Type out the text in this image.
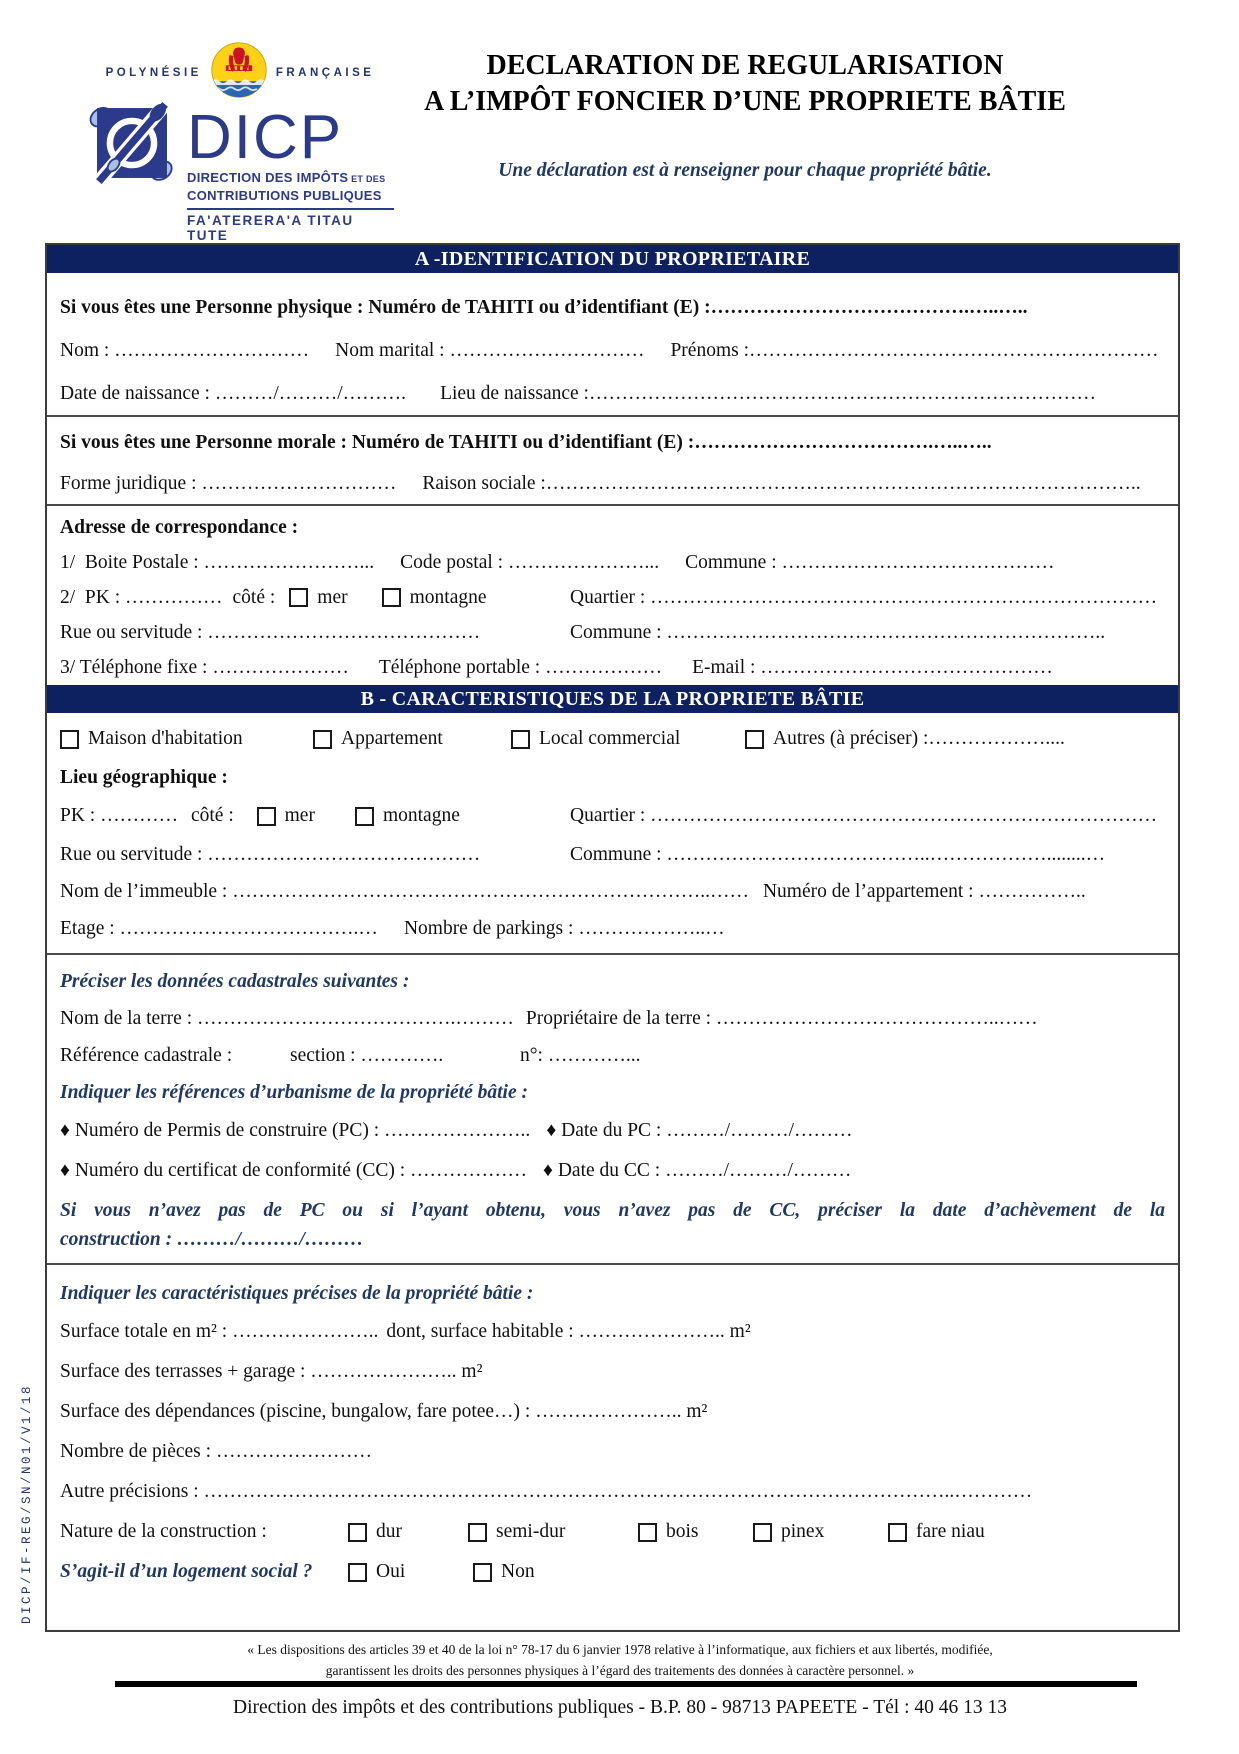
POLYNÉSIE	FRANÇAISE
DICP
DIRECTION DES IMPÔTS ET DES
CONTRIBUTIONS PUBLIQUES
FA'ATERERA'A TITAU TUTE
DECLARATION DE REGULARISATION
A L’IMPÔT FONCIER D’UNE PROPRIETE BÂTIE
Une déclaration est à renseigner pour chaque propriété bâtie.
A -IDENTIFICATION DU PROPRIETAIRE
Si vous êtes une Personne physique : Numéro de TAHITI ou d’identifiant (E) :………………………………….…..…..
Nom : ………………………… Nom marital : ………………………… Prénoms :………………………………………………………
Date de naissance : ………/………/………. Lieu de naissance :……………………………………………………………………
Si vous êtes une Personne morale : Numéro de TAHITI ou d’identifiant (E) :……………………………….…..…..
Forme juridique : ………………………… Raison sociale :………………………………………………………………………………..
Adresse de correspondance :
1/  Boite Postale : ……………………... Code postal : …………………... Commune : ……………………………………
2/  PK : …………… côté : mer	montagne	Quartier : ……………………………………………………………………
Rue ou servitude : ……………………………………	Commune : …………………………………………………………..
3/ Téléphone fixe : ………………… Téléphone portable : ……………… E-mail : ………………………………………
B - CARACTERISTIQUES DE LA PROPRIETE BÂTIE
Maison d'habitation	Appartement	Local commercial	Autres (à préciser) :………………....
Lieu géographique :
PK : ………… côté : mer	montagne	Quartier : ……………………………………………………………………
Rue ou servitude : ……………………………………	Commune : …………………………………..………………........…
Nom de l’immeuble : ………………………………………………………………..…… Numéro de l’appartement : ……………..
Etage : ……………………………….… Nombre de parkings : ………………..…
Préciser les données cadastrales suivantes :
Nom de la terre : ………………………………….……… Propriétaire de la terre : ……………………………………..……
Référence cadastrale :	section : ………….	n°: …………...
Indiquer les références d’urbanisme de la propriété bâtie :
♦ Numéro de Permis de construire (PC) : ………………….. ♦ Date du PC : ………/………/………
♦ Numéro du certificat de conformité (CC) : ……………… ♦ Date du CC : ………/………/………
Si vous n’avez pas de PC ou si l’ayant obtenu, vous n’avez pas de CC, préciser la date d’achèvement de la
construction : ………/………/………
Indiquer les caractéristiques précises de la propriété bâtie :
Surface totale en m² : ………………….. dont, surface habitable : ………………….. m²
Surface des terrasses + garage : ………………….. m²
Surface des dépendances (piscine, bungalow, fare potee…) : ………………….. m²
Nombre de pièces : ……………………
Autre précisions : ……………………………………………………………………………………………………..…………
Nature de la construction :	dur	semi-dur	bois	pinex	fare niau
S’agit-il d’un logement social ?	Oui	Non
« Les dispositions des articles 39 et 40 de la loi n° 78-17 du 6 janvier 1978 relative à l’informatique, aux fichiers et aux libertés, modifiée,
garantissent les droits des personnes physiques à l’égard des traitements des données à caractère personnel. »
Direction des impôts et des contributions publiques - B.P. 80 - 98713 PAPEETE - Tél : 40 46 13 13
DICP/IF-REG/SN/N01/V1/18
